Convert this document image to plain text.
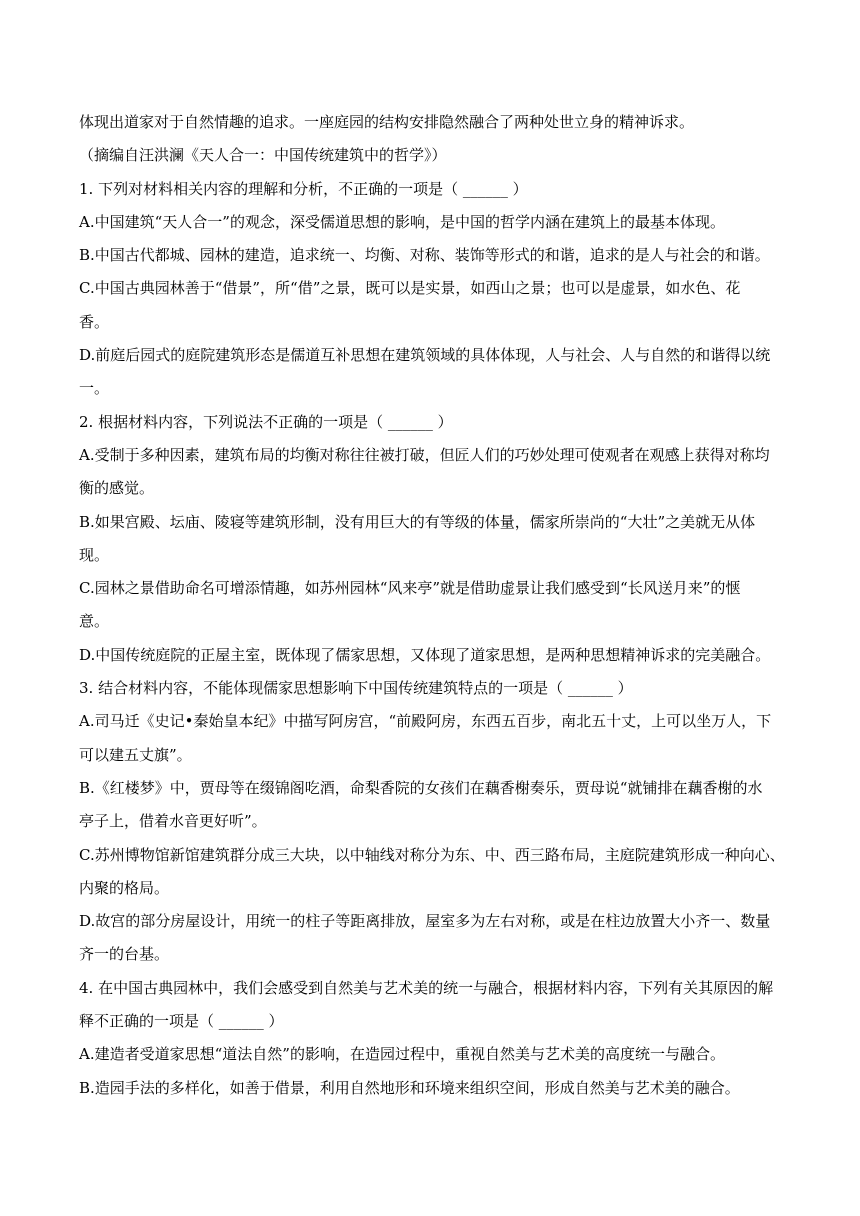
体现出道家对于自然情趣的追求。一座庭园的结构安排隐然融合了两种处世立身的精神诉求。

（摘编自汪洪澜《天人合一：中国传统建筑中的哲学》）

1. 下列对材料相关内容的理解和分析，不正确的一项是（ ______ ）

A.中国建筑“天人合一”的观念，深受儒道思想的影响，是中国的哲学内涵在建筑上的最基本体现。

B.中国古代都城、园林的建造，追求统一、均衡、对称、装饰等形式的和谐，追求的是人与社会的和谐。

C.中国古典园林善于“借景”，所“借”之景，既可以是实景，如西山之景；也可以是虚景，如水色、花

香。

D.前庭后园式的庭院建筑形态是儒道互补思想在建筑领域的具体体现，人与社会、人与自然的和谐得以统

一。

2. 根据材料内容，下列说法不正确的一项是（ ______ ）

A.受制于多种因素，建筑布局的均衡对称往往被打破，但匠人们的巧妙处理可使观者在观感上获得对称均

衡的感觉。

B.如果宫殿、坛庙、陵寝等建筑形制，没有用巨大的有等级的体量，儒家所崇尚的“大壮”之美就无从体

现。

C.园林之景借助命名可增添情趣，如苏州园林“风来亭”就是借助虚景让我们感受到“长风送月来”的惬

意。

D.中国传统庭院的正屋主室，既体现了儒家思想，又体现了道家思想，是两种思想精神诉求的完美融合。

3. 结合材料内容，不能体现儒家思想影响下中国传统建筑特点的一项是（ ______ ）

A.司马迁《史记•秦始皇本纪》中描写阿房宫，“前殿阿房，东西五百步，南北五十丈，上可以坐万人，下

可以建五丈旗”。

B.《红楼梦》中，贾母等在缀锦阁吃酒，命梨香院的女孩们在藕香榭奏乐，贾母说“就铺排在藕香榭的水

亭子上，借着水音更好听”。

C.苏州博物馆新馆建筑群分成三大块，以中轴线对称分为东、中、西三路布局，主庭院建筑形成一种向心、

内聚的格局。

D.故宫的部分房屋设计，用统一的柱子等距离排放，屋室多为左右对称，或是在柱边放置大小齐一、数量

齐一的台基。

4. 在中国古典园林中，我们会感受到自然美与艺术美的统一与融合，根据材料内容，下列有关其原因的解

释不正确的一项是（ ______ ）

A.建造者受道家思想“道法自然”的影响，在造园过程中，重视自然美与艺术美的高度统一与融合。

B.造园手法的多样化，如善于借景，利用自然地形和环境来组织空间，形成自然美与艺术美的融合。
